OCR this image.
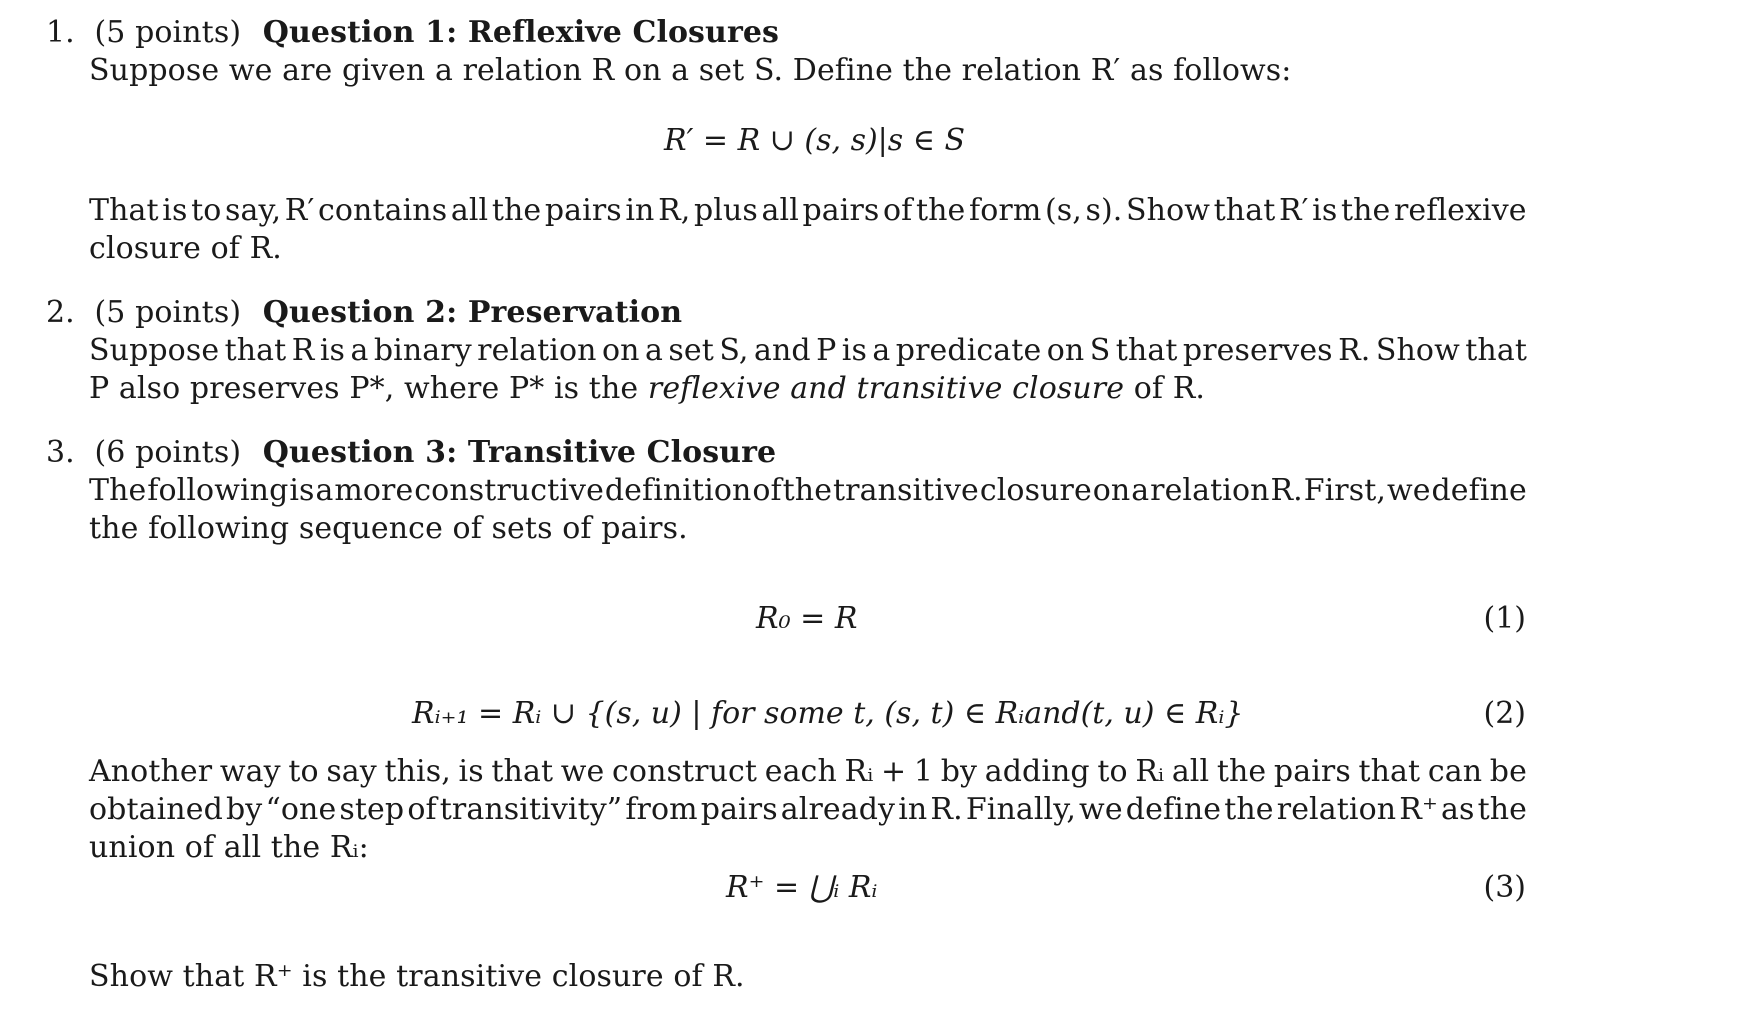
1. (5 points) Question 1: Reflexive Closures
Suppose we are given a relation R on a set S. Define the relation R′ as follows:
R′ = R ∪ (s, s)|s ∈ S
That is to say, R′ contains all the pairs in R, plus all pairs of the form (s, s). Show that R′ is the reflexive
closure of R.
2. (5 points) Question 2: Preservation
Suppose that R is a binary relation on a set S, and P is a predicate on S that preserves R. Show that
P also preserves P*, where P* is the reflexive and transitive closure of R.
3. (6 points) Question 3: Transitive Closure
The following is a more constructive definition of the transitive closure on a relation R. First, we define
the following sequence of sets of pairs.
R₀ = R	(1)
Rᵢ₊₁ = Rᵢ ∪ {(s, u) | for some t, (s, t) ∈ Rᵢand(t, u) ∈ Rᵢ}	(2)
Another way to say this, is that we construct each Rᵢ + 1 by adding to Rᵢ all the pairs that can be
obtained by “one step of transitivity” from pairs already in R. Finally, we define the relation R⁺ as the
union of all the Rᵢ:
R⁺ = ⋃ᵢ Rᵢ	(3)
Show that R⁺ is the transitive closure of R.
